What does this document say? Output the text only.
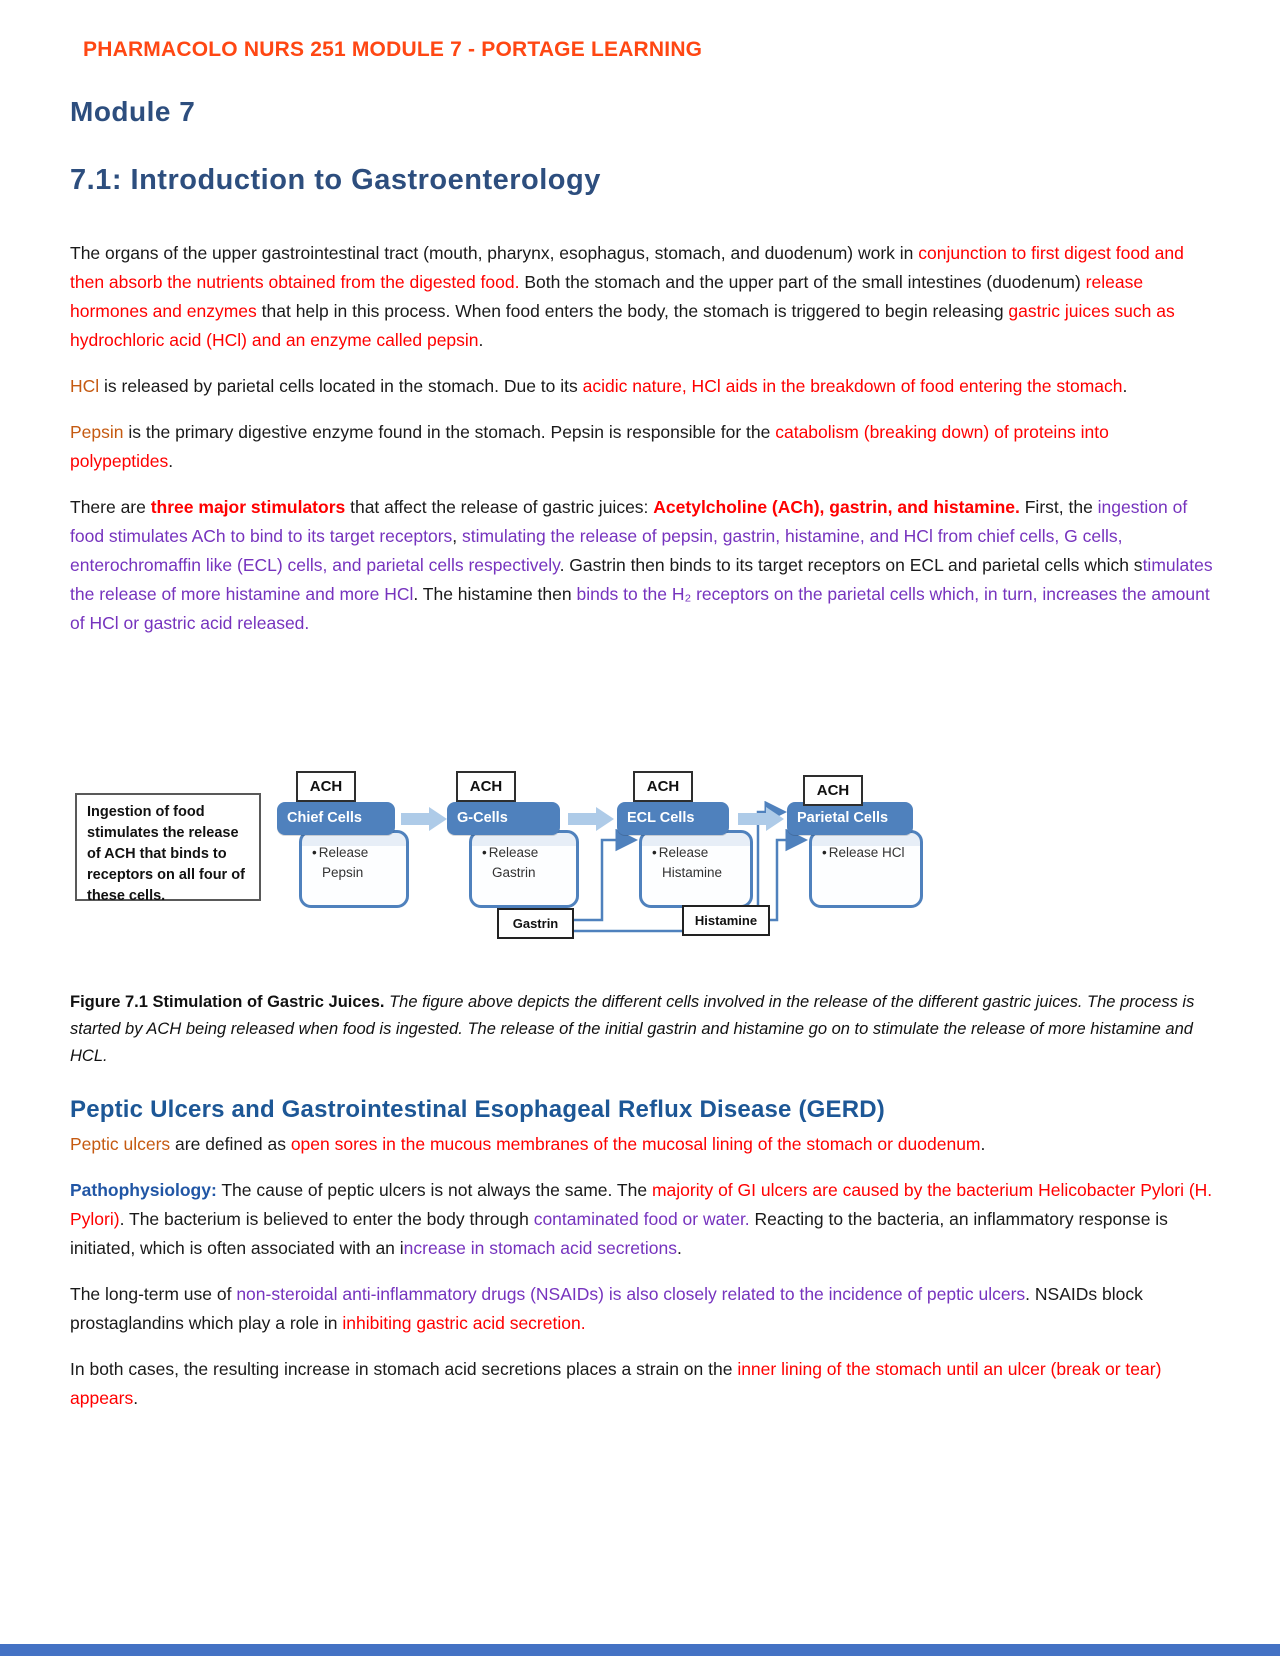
PHARMACOLO NURS 251 MODULE 7 - PORTAGE LEARNING
Module 7
7.1: Introduction to Gastroenterology

The organs of the upper gastrointestinal tract (mouth, pharynx, esophagus, stomach, and duodenum) work in conjunction to first digest food and then absorb the nutrients obtained from the digested food. Both the stomach and the upper part of the small intestines (duodenum) release hormones and enzymes that help in this process. When food enters the body, the stomach is triggered to begin releasing gastric juices such as hydrochloric acid (HCl) and an enzyme called pepsin.

HCl is released by parietal cells located in the stomach. Due to its acidic nature, HCl aids in the breakdown of food entering the stomach.

Pepsin is the primary digestive enzyme found in the stomach. Pepsin is responsible for the catabolism (breaking down) of proteins into polypeptides.

There are three major stimulators that affect the release of gastric juices: Acetylcholine (ACh), gastrin, and histamine. First, the ingestion of food stimulates ACh to bind to its target receptors, stimulating the release of pepsin, gastrin, histamine, and HCl from chief cells, G cells, enterochromaffin like (ECL) cells, and parietal cells respectively. Gastrin then binds to its target receptors on ECL and parietal cells which stimulates the release of more histamine and more HCl. The histamine then binds to the H₂ receptors on the parietal cells which, in turn, increases the amount of HCl or gastric acid released.

Ingestion of food stimulates the release of ACH that binds to receptors on all four of these cells.
ACH
Chief Cells
• Release Pepsin
ACH
G-Cells
• Release Gastrin
ACH
ECL Cells
• Release Histamine
ACH
Parietal Cells
• Release HCl
Gastrin	Histamine

Figure 7.1 Stimulation of Gastric Juices. The figure above depicts the different cells involved in the release of the different gastric juices. The process is started by ACH being released when food is ingested. The release of the initial gastrin and histamine go on to stimulate the release of more histamine and HCL.

Peptic Ulcers and Gastrointestinal Esophageal Reflux Disease (GERD)

Peptic ulcers are defined as open sores in the mucous membranes of the mucosal lining of the stomach or duodenum.

Pathophysiology: The cause of peptic ulcers is not always the same. The majority of GI ulcers are caused by the bacterium Helicobacter Pylori (H. Pylori). The bacterium is believed to enter the body through contaminated food or water. Reacting to the bacteria, an inflammatory response is initiated, which is often associated with an increase in stomach acid secretions.

The long-term use of non-steroidal anti-inflammatory drugs (NSAIDs) is also closely related to the incidence of peptic ulcers. NSAIDs block prostaglandins which play a role in inhibiting gastric acid secretion.

In both cases, the resulting increase in stomach acid secretions places a strain on the inner lining of the stomach until an ulcer (break or tear) appears.
